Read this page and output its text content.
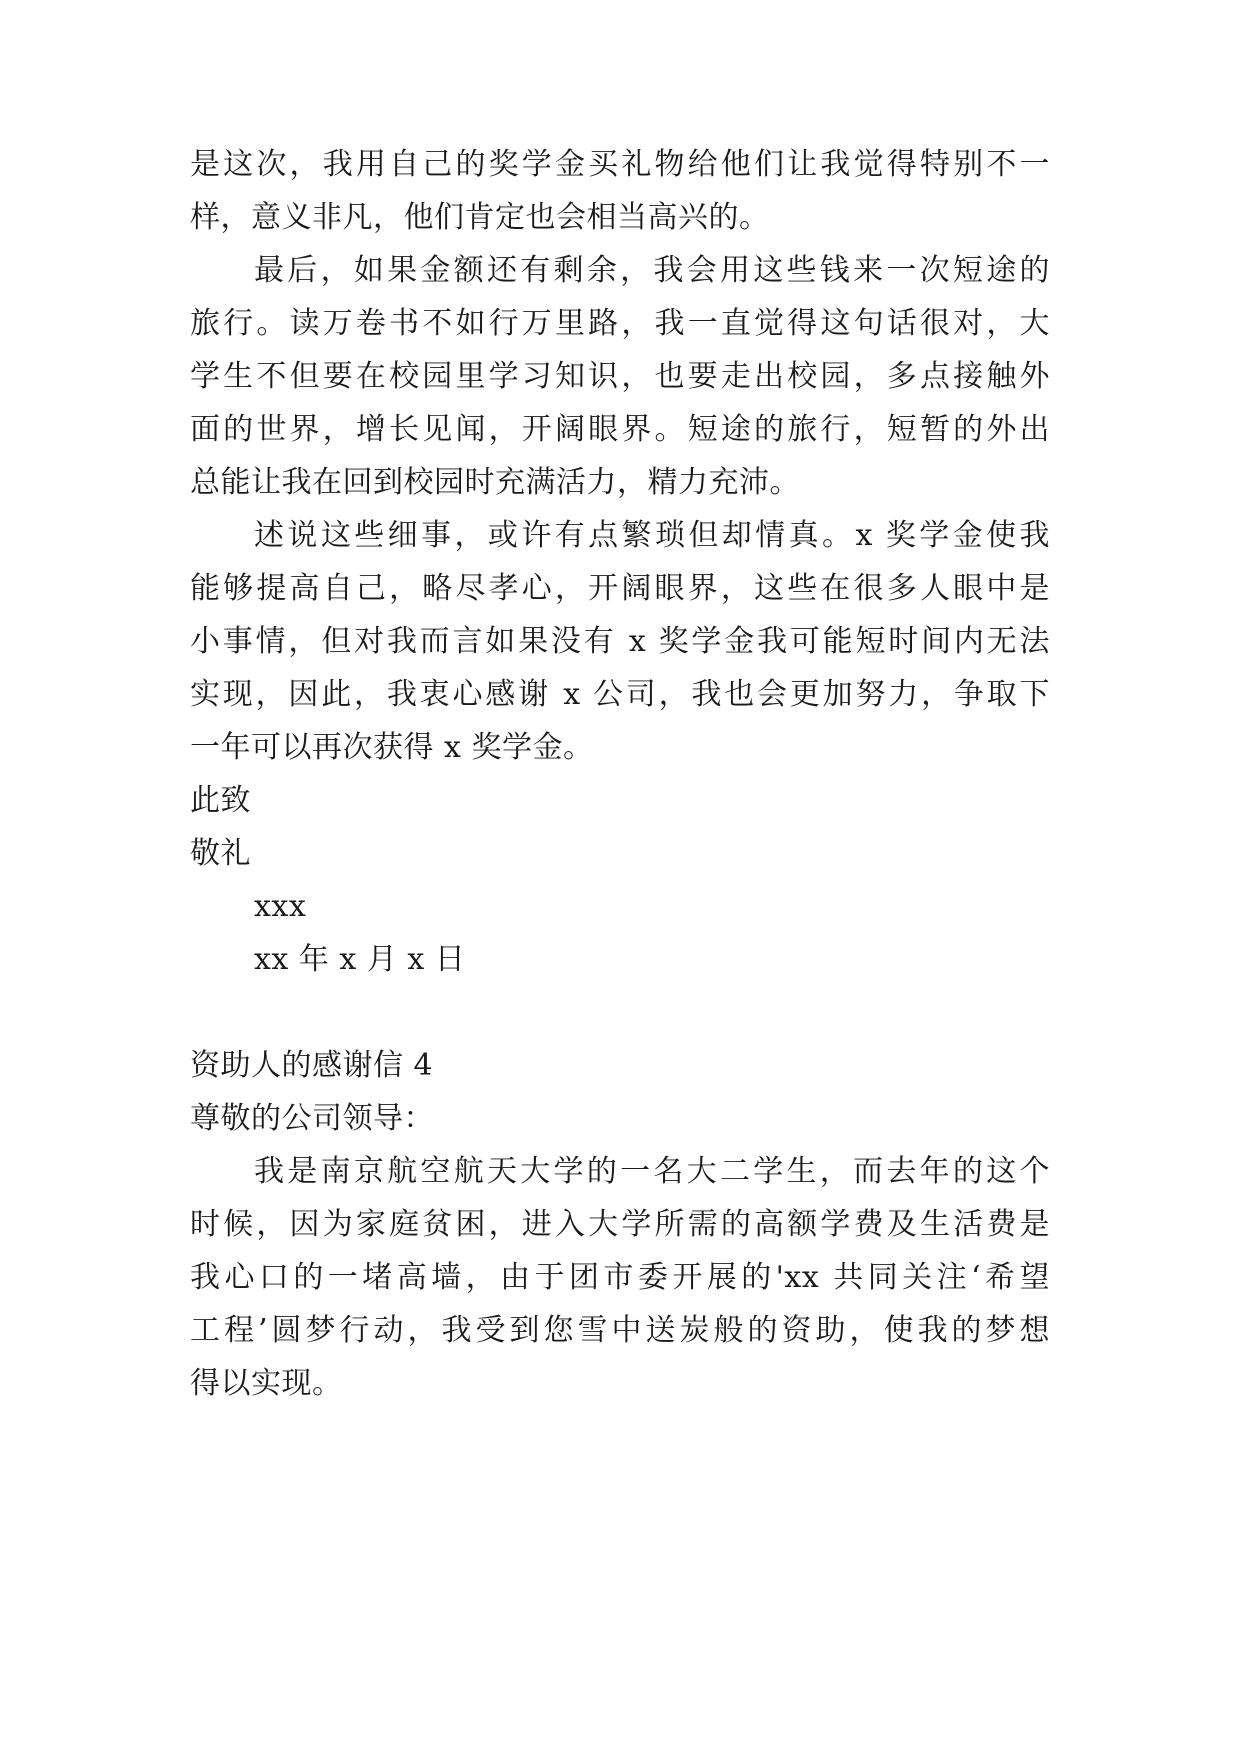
是这次，我用自己的奖学金买礼物给他们让我觉得特别不一
样，意义非凡，他们肯定也会相当高兴的。
最后，如果金额还有剩余，我会用这些钱来一次短途的
旅行。读万卷书不如行万里路，我一直觉得这句话很对，大
学生不但要在校园里学习知识，也要走出校园，多点接触外
面的世界，增长见闻，开阔眼界。短途的旅行，短暂的外出
总能让我在回到校园时充满活力，精力充沛。
述说这些细事，或许有点繁琐但却情真。x 奖学金使我
能够提高自己，略尽孝心，开阔眼界，这些在很多人眼中是
小事情，但对我而言如果没有 x 奖学金我可能短时间内无法
实现，因此，我衷心感谢 x 公司，我也会更加努力，争取下
一年可以再次获得 x 奖学金。
此致
敬礼
xxx
xx 年 x 月 x 日
资助人的感谢信 4
尊敬的公司领导：
我是南京航空航天大学的一名大二学生，而去年的这个
时候，因为家庭贫困，进入大学所需的高额学费及生活费是
我心口的一堵高墙，由于团市委开展的'xx 共同关注‘希望
工程’圆梦行动，我受到您雪中送炭般的资助，使我的梦想
得以实现。
